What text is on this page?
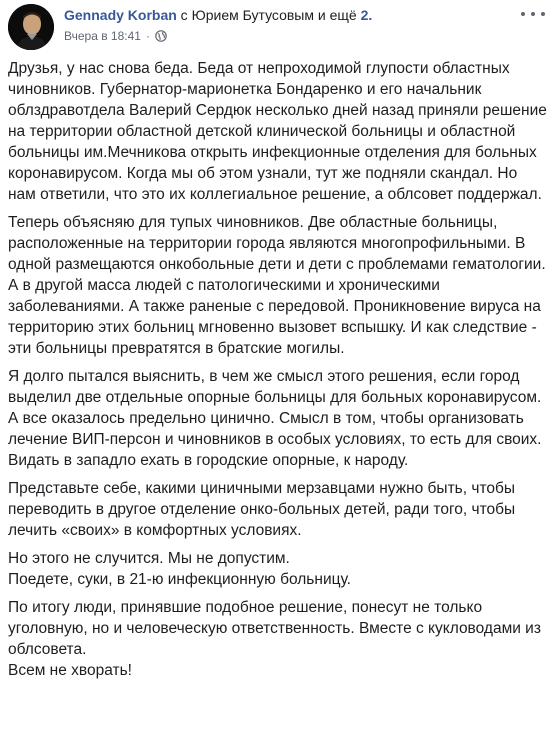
Gennady Korban с Юрием Бутусовым и ещё 2.
Вчера в 18:41 ·

Друзья, у нас снова беда. Беда от непроходимой глупости областных чиновников. Губернатор-марионетка Бондаренко и его начальник облздравотдела Валерий Сердюк несколько дней назад приняли решение на территории областной детской клинической больницы и областной больницы им.Мечникова открыть инфекционные отделения для больных коронавирусом. Когда мы об этом узнали, тут же подняли скандал. Но нам ответили, что это их коллегиальное решение, а облсовет поддержал.

Теперь объясняю для тупых чиновников. Две областные больницы, расположенные на территории города являются многопрофильными. В одной размещаются онкобольные дети и дети с проблемами гематологии. А в другой масса людей с патологическими и хроническими заболеваниями. А также раненые с передовой. Проникновение вируса на территорию этих больниц мгновенно вызовет вспышку. И как следствие - эти больницы превратятся в братские могилы.

Я долго пытался выяснить, в чем же смысл этого решения, если город выделил две отдельные опорные больницы для больных коронавирусом. А все оказалось предельно цинично. Смысл в том, чтобы организовать лечение ВИП-персон и чиновников в особых условиях, то есть для своих. Видать в западло ехать в городские опорные, к народу.

Представьте себе, какими циничными мерзавцами нужно быть, чтобы переводить в другое отделение онко-больных детей, ради того, чтобы лечить «своих» в комфортных условиях.

Но этого не случится. Мы не допустим.
Поедете, суки, в 21-ю инфекционную больницу.

По итогу люди, принявшие подобное решение, понесут не только уголовную, но и человеческую ответственность. Вместе с кукловодами из облсовета.
Всем не хворать!
